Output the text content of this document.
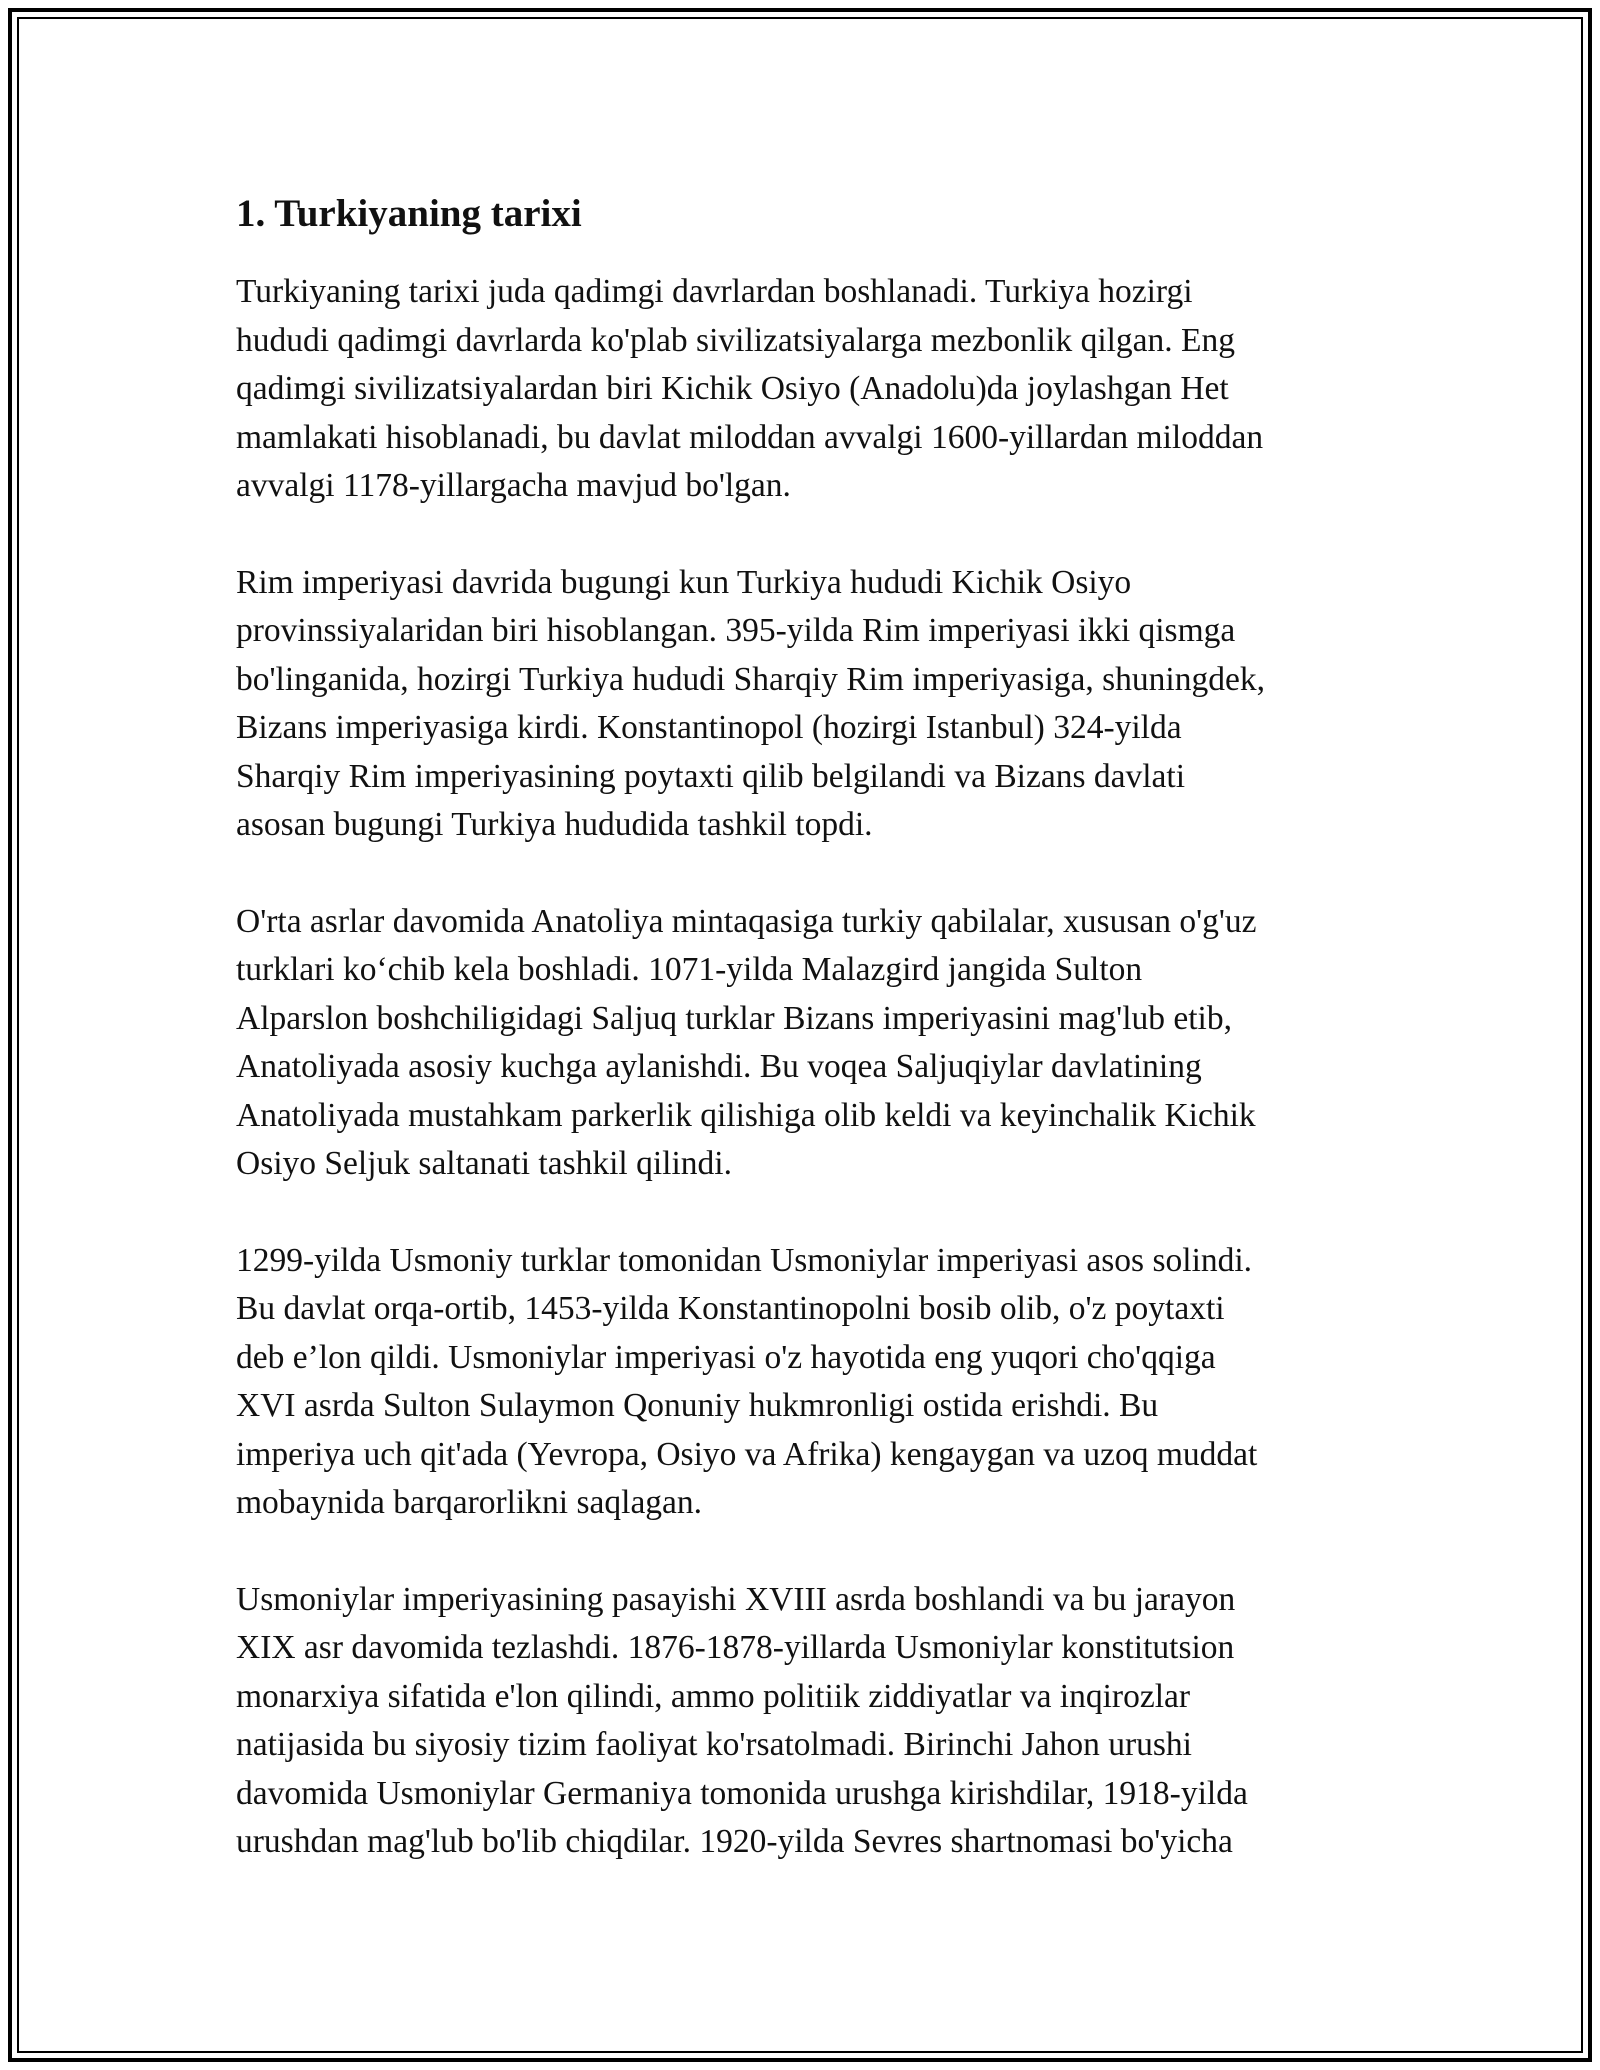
1. Turkiyaning tarixi

Turkiyaning tarixi juda qadimgi davrlardan boshlanadi. Turkiya hozirgi
hududi qadimgi davrlarda ko'plab sivilizatsiyalarga mezbonlik qilgan. Eng
qadimgi sivilizatsiyalardan biri Kichik Osiyo (Anadolu)da joylashgan Het
mamlakati hisoblanadi, bu davlat miloddan avvalgi 1600-yillardan miloddan
avvalgi 1178-yillargacha mavjud bo'lgan.

Rim imperiyasi davrida bugungi kun Turkiya hududi Kichik Osiyo
provinssiyalaridan biri hisoblangan. 395-yilda Rim imperiyasi ikki qismga
bo'linganida, hozirgi Turkiya hududi Sharqiy Rim imperiyasiga, shuningdek,
Bizans imperiyasiga kirdi. Konstantinopol (hozirgi Istanbul) 324-yilda
Sharqiy Rim imperiyasining poytaxti qilib belgilandi va Bizans davlati
asosan bugungi Turkiya hududida tashkil topdi.

O'rta asrlar davomida Anatoliya mintaqasiga turkiy qabilalar, xususan o'g'uz
turklari ko‘chib kela boshladi. 1071-yilda Malazgird jangida Sulton
Alparslon boshchiligidagi Saljuq turklar Bizans imperiyasini mag'lub etib,
Anatoliyada asosiy kuchga aylanishdi. Bu voqea Saljuqiylar davlatining
Anatoliyada mustahkam parkerlik qilishiga olib keldi va keyinchalik Kichik
Osiyo Seljuk saltanati tashkil qilindi.

1299-yilda Usmoniy turklar tomonidan Usmoniylar imperiyasi asos solindi.
Bu davlat orqa-ortib, 1453-yilda Konstantinopolni bosib olib, o'z poytaxti
deb e’lon qildi. Usmoniylar imperiyasi o'z hayotida eng yuqori cho'qqiga
XVI asrda Sulton Sulaymon Qonuniy hukmronligi ostida erishdi. Bu
imperiya uch qit'ada (Yevropa, Osiyo va Afrika) kengaygan va uzoq muddat
mobaynida barqarorlikni saqlagan.

Usmoniylar imperiyasining pasayishi XVIII asrda boshlandi va bu jarayon
XIX asr davomida tezlashdi. 1876-1878-yillarda Usmoniylar konstitutsion
monarxiya sifatida e'lon qilindi, ammo politiik ziddiyatlar va inqirozlar
natijasida bu siyosiy tizim faoliyat ko'rsatolmadi. Birinchi Jahon urushi
davomida Usmoniylar Germaniya tomonida urushga kirishdilar, 1918-yilda
urushdan mag'lub bo'lib chiqdilar. 1920-yilda Sevres shartnomasi bo'yicha
